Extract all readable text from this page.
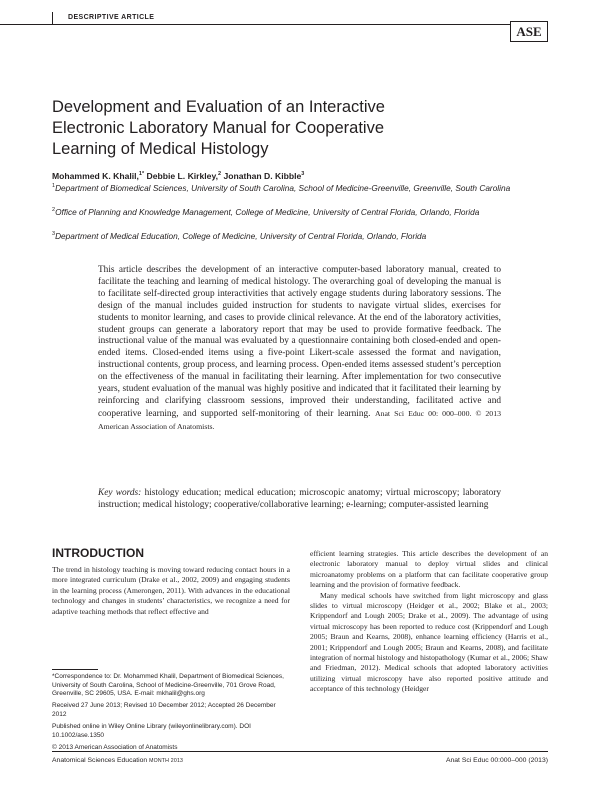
DESCRIPTIVE ARTICLE
ASE
Development and Evaluation of an Interactive Electronic Laboratory Manual for Cooperative Learning of Medical Histology
Mohammed K. Khalil,$^{1*}$ Debbie L. Kirkley,$^2$ Jonathan D. Kibble$^3$
$^1$Department of Biomedical Sciences, University of South Carolina, School of Medicine-Greenville, Greenville, South Carolina
$^2$Office of Planning and Knowledge Management, College of Medicine, University of Central Florida, Orlando, Florida
$^3$Department of Medical Education, College of Medicine, University of Central Florida, Orlando, Florida
This article describes the development of an interactive computer-based laboratory manual, created to facilitate the teaching and learning of medical histology. The overarching goal of developing the manual is to facilitate self-directed group interactivities that actively engage students during laboratory sessions. The design of the manual includes guided instruction for students to navigate virtual slides, exercises for students to monitor learning, and cases to provide clinical relevance. At the end of the laboratory activities, student groups can generate a laboratory report that may be used to provide formative feedback. The instructional value of the manual was evaluated by a questionnaire containing both closed-ended and open-ended items. Closed-ended items using a five-point Likert-scale assessed the format and navigation, instructional contents, group process, and learning process. Open-ended items assessed student’s perception on the effectiveness of the manual in facilitating their learning. After implementation for two consecutive years, student evaluation of the manual was highly positive and indicated that it facilitated their learning by reinforcing and clarifying classroom sessions, improved their understanding, facilitated active and cooperative learning, and supported self-monitoring of their learning. Anat Sci Educ 00: 000–000. © 2013 American Association of Anatomists.
Key words: histology education; medical education; microscopic anatomy; virtual microscopy; laboratory instruction; medical histology; cooperative/collaborative learning; e-learning; computer-assisted learning
INTRODUCTION

The trend in histology teaching is moving toward reducing contact hours in a more integrated curriculum (Drake et al., 2002, 2009) and engaging students in the learning process (Amerongen, 2011). With advances in the educational technology and changes in students’ characteristics, we recognize a need for adaptive teaching methods that reflect effective and

efficient learning strategies. This article describes the development of an electronic laboratory manual to deploy virtual slides and clinical microanatomy problems on a platform that can facilitate cooperative group learning and the provision of formative feedback.

Many medical schools have switched from light microscopy and glass slides to virtual microscopy (Heidger et al., 2002; Blake et al., 2003; Krippendorf and Lough 2005; Drake et al., 2009). The advantage of using virtual microscopy has been reported to reduce cost (Krippendorf and Lough 2005; Braun and Kearns, 2008), enhance learning efficiency (Harris et al., 2001; Krippendorf and Lough 2005; Braun and Kearns, 2008), and facilitate integration of normal histology and histopathology (Kumar et al., 2006; Shaw and Friedman, 2012). Medical schools that adopted laboratory activities utilizing virtual microscopy have also reported positive attitude and acceptance of this technology (Heidger

*Correspondence to: Dr. Mohammed Khalil, Department of Biomedical Sciences, University of South Carolina, School of Medicine-Greenville, 701 Grove Road, Greenville, SC 29605, USA. E-mail: mkhalil@ghs.org

Received 27 June 2013; Revised 10 December 2012; Accepted 26 December 2012

Published online in Wiley Online Library (wileyonlinelibrary.com). DOI 10.1002/ase.1350

© 2013 American Association of Anatomists

Anatomical Sciences Education MONTH 2013	Anat Sci Educ 00:000–000 (2013)
